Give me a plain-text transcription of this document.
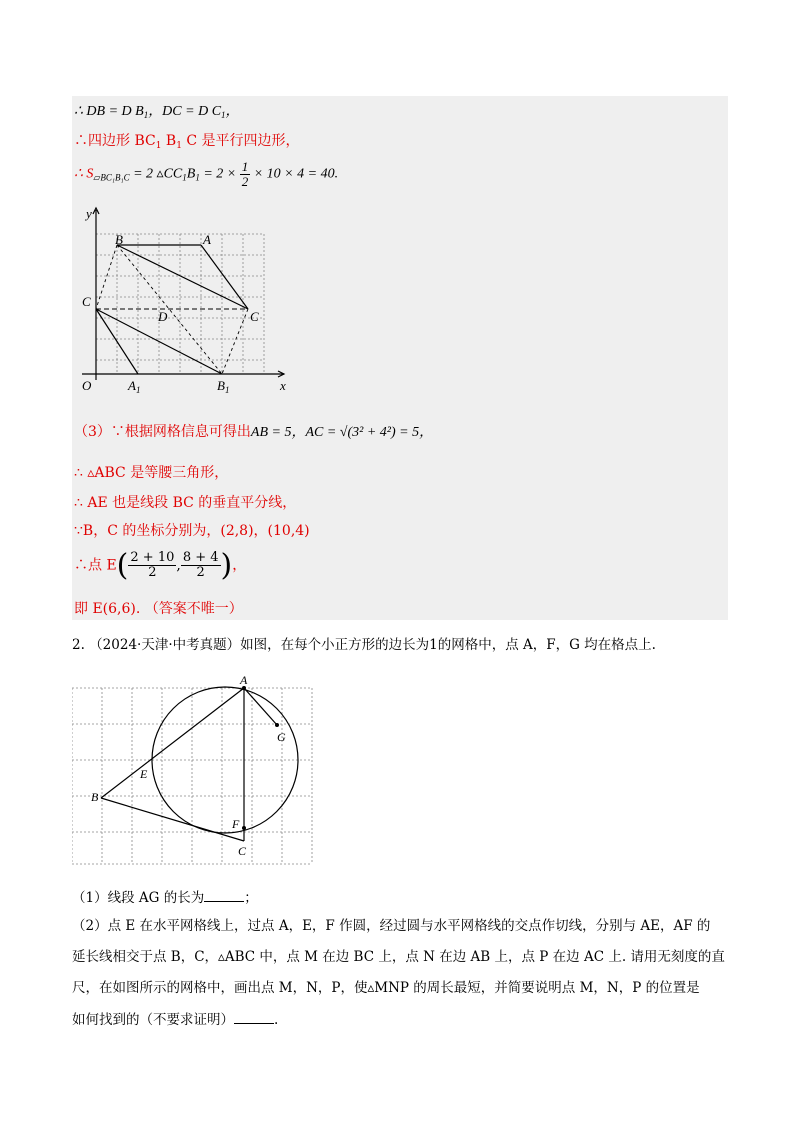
∴ DB = D $B_1$，DC = D $C_1$，
∴四边形 $BC_1$ $B_1$ C 是平行四边形，
∴ $S_{▱BC_1B_1C} = 2$ $▵CC_1B_1 = 2 \times \frac{1}{2} \times 10 \times 4 = 40$.
y
x
O
A
B
C
C
D
$A_1$	$B_1$
（3）∵根据网格信息可得出AB = 5，AC = √(3² + 4²) = 5，
∴ ▵ABC 是等腰三角形，
∴ AE 也是线段 BC 的垂直平分线，
∵B，C 的坐标分别为，(2,8)，(10,4)
∴点 $E( \frac{2 + 10}{2}$ , $\frac{8 + 4}{2}$ )，
即 E(6,6). （答案不唯一）
2. （2024·天津·中考真题）如图，在每个小正方形的边长为1的网格中，点 A，F，G 均在格点上.
A
G
E
B
F
C
（1）线段 AG 的长为	；
（2）点 E 在水平网格线上，过点 A，E，F 作圆，经过圆与水平网格线的交点作切线，分别与 AE，AF 的
延长线相交于点 B，C，▵ABC 中，点 M 在边 BC 上，点 N 在边 AB 上，点 P 在边 AC 上. 请用无刻度的直
尺，在如图所示的网格中，画出点 M，N，P，使▵MNP 的周长最短，并简要说明点 M，N，P 的位置是
如何找到的（不要求证明）	.
